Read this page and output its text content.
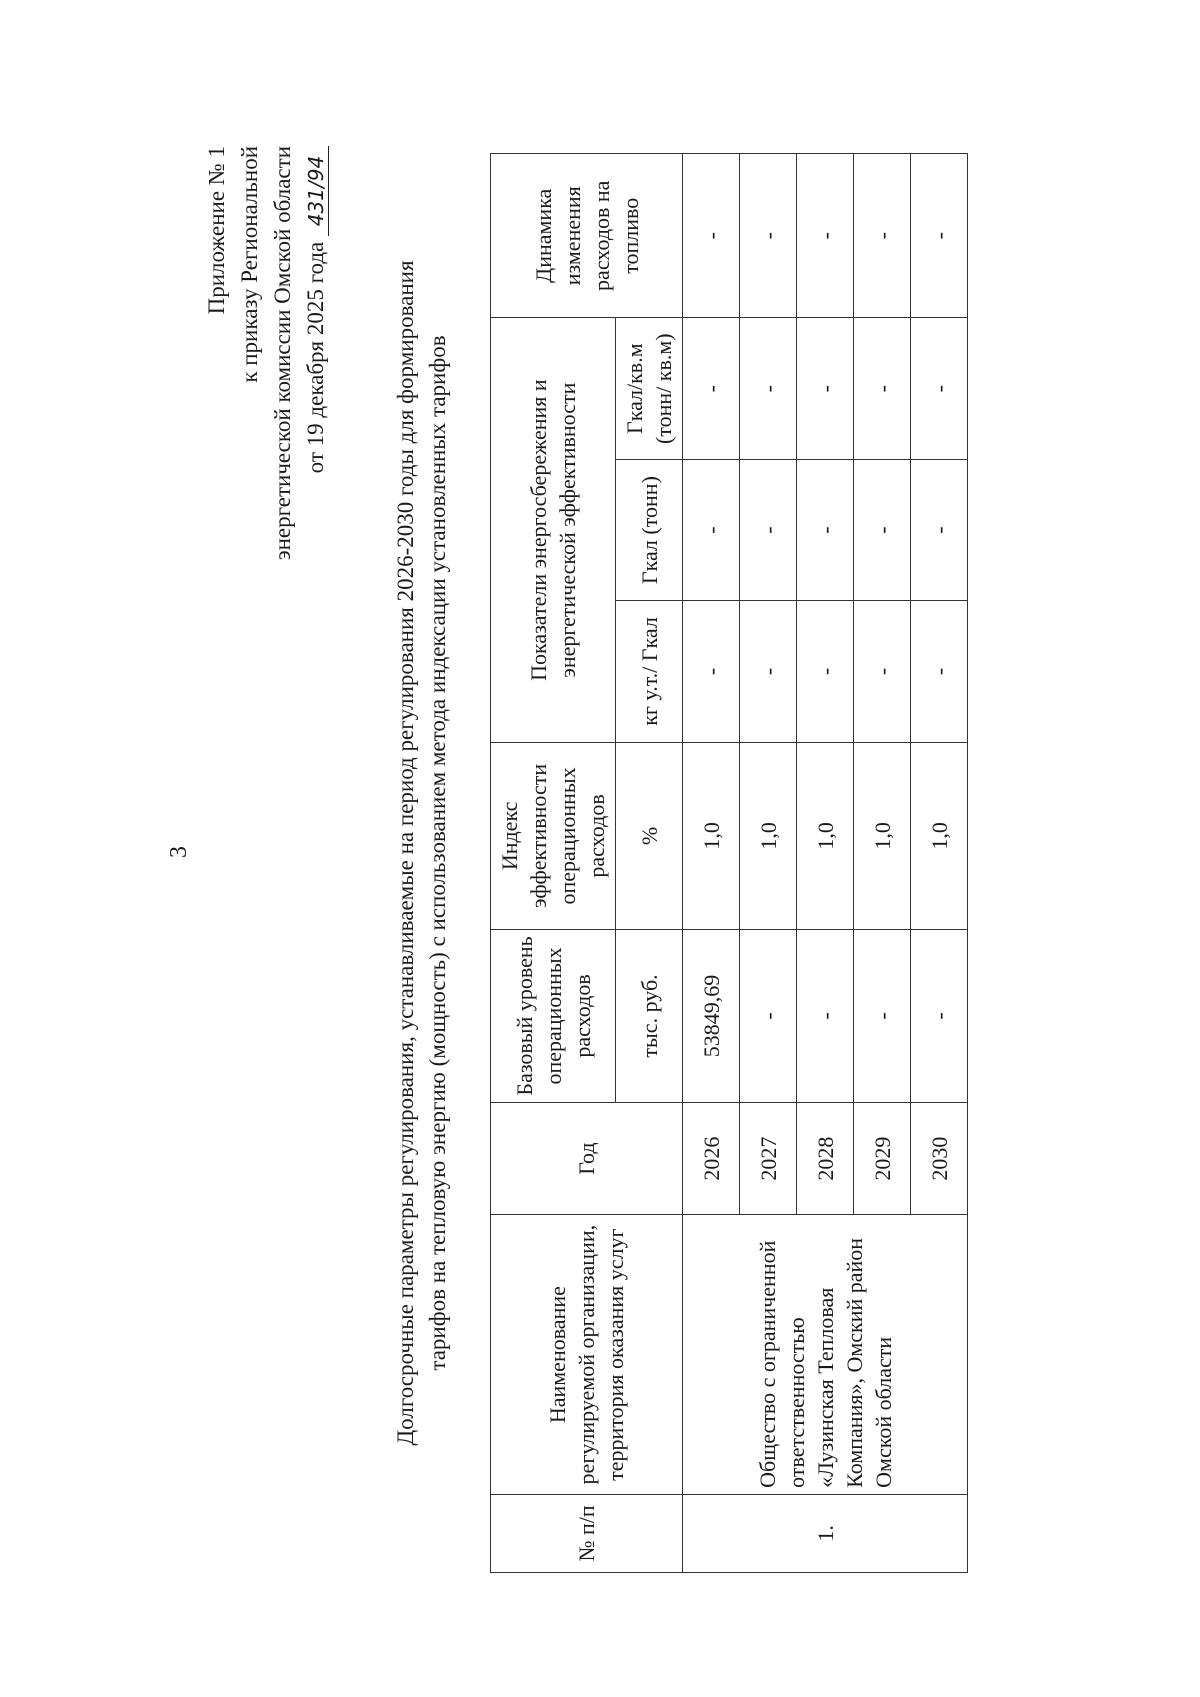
3
Приложение № 1 к приказу Региональной энергетической комиссии Омской области от 19 декабря 2025 года 431/94
Долгосрочные параметры регулирования, устанавливаемые на период регулирования 2026-2030 годы для формирования тарифов на тепловую энергию (мощность) с использованием метода индексации установленных тарифов
№ п/п	Наименование регулируемой организации, территория оказания услуг	Год	Базовый уровень операционных расходов	Индекс эффективности операционных расходов	Показатели энергосбережения и энергетической эффективности			Динамика изменения расходов на топливо
			тыс. руб.	%	кг у.т./ Гкал	Гкал (тонн)	Гкал/кв.м (тонн/ кв.м)	
1.	Общество с ограниченной ответственностью «Лузинская Тепловая Компания», Омский район Омской области	2026	53849,69	1,0	-	-	-	-
		2027	-	1,0	-	-	-	-
		2028	-	1,0	-	-	-	-
		2029	-	1,0	-	-	-	-
		2030	-	1,0	-	-	-	-
